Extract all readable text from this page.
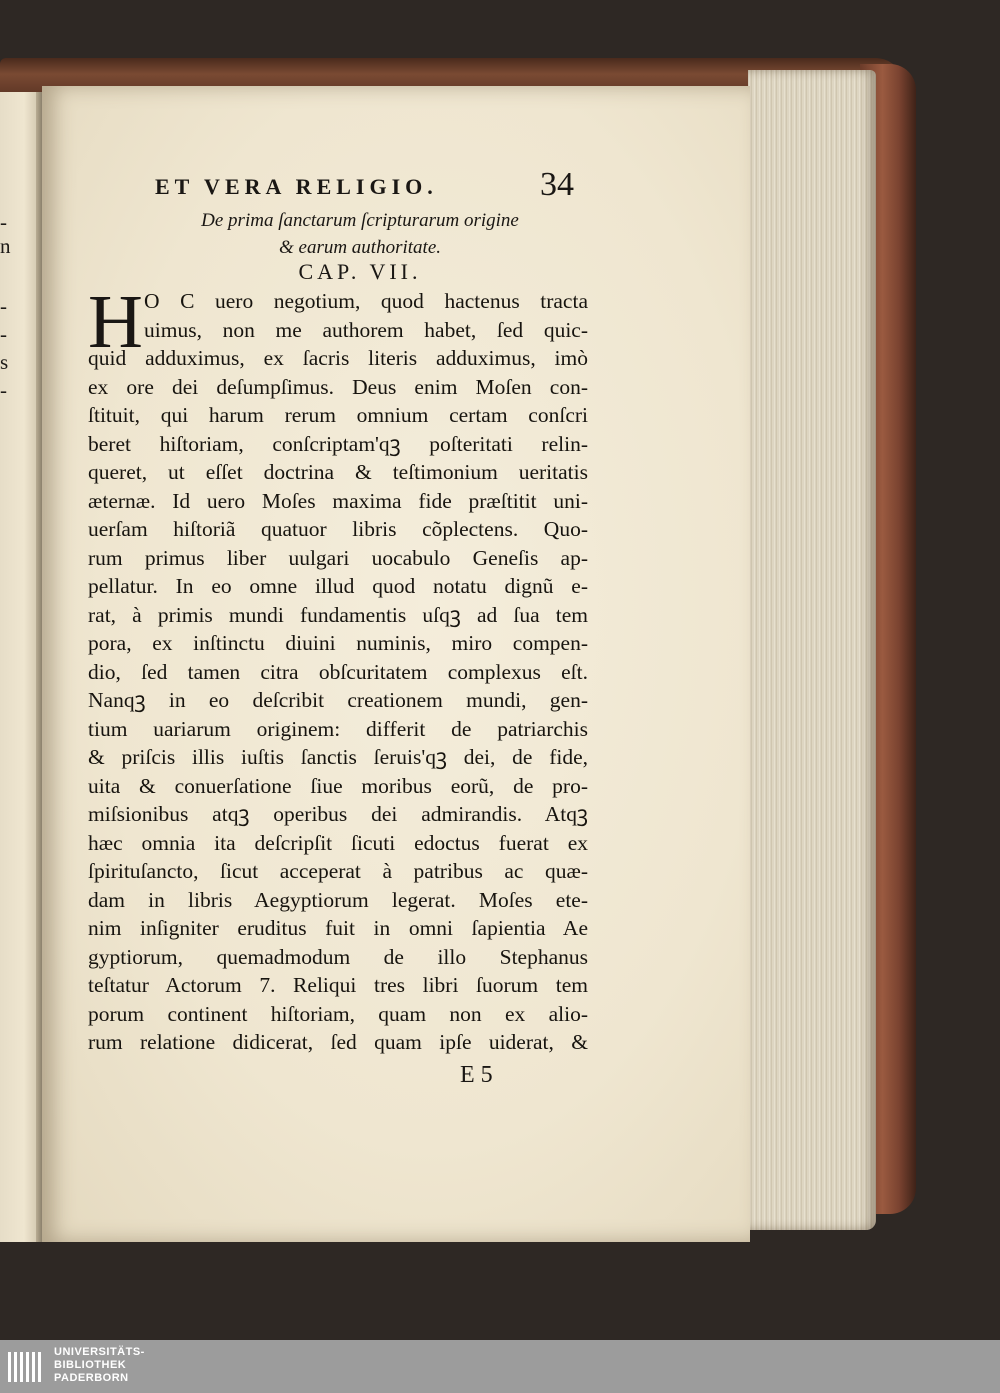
-
n
-
-
s
-
ET VERA RELIGIO.	34
De prima ſanctarum ſcripturarum origine
& earum authoritate.
CAP. VII.
H O C uero negotium, quod hactenus tracta
uimus, non me authorem habet, ſed quic-
quid adduximus, ex ſacris literis adduximus, imò
ex ore dei deſumpſimus. Deus enim Moſen con-
ſtituit, qui harum rerum omnium certam conſcri
beret hiſtoriam, conſcriptam'qꝫ poſteritati relin-
queret, ut eſſet doctrina & teſtimonium ueritatis
æternæ. Id uero Moſes maxima fide præſtitit uni-
uerſam hiſtoriã quatuor libris cõplectens. Quo-
rum primus liber uulgari uocabulo Geneſis ap-
pellatur. In eo omne illud quod notatu dignũ e-
rat, à primis mundi fundamentis uſqꝫ ad ſua tem
pora, ex inſtinctu diuini numinis, miro compen-
dio, ſed tamen citra obſcuritatem complexus eſt.
Nanqꝫ in eo deſcribit creationem mundi, gen-
tium uariarum originem: differit de patriarchis
& priſcis illis iuſtis ſanctis ſeruis'qꝫ dei, de fide,
uita & conuerſatione ſiue moribus eorũ, de pro-
miſsionibus atqꝫ operibus dei admirandis. Atqꝫ
hæc omnia ita deſcripſit ſicuti edoctus fuerat ex
ſpirituſancto, ſicut acceperat à patribus ac quæ-
dam in libris Aegyptiorum legerat. Moſes ete-
nim inſigniter eruditus fuit in omni ſapientia Ae
gyptiorum, quemadmodum de illo Stephanus
teſtatur Actorum 7. Reliqui tres libri ſuorum tem
porum continent hiſtoriam, quam non ex alio-
rum relatione didicerat, ſed quam ipſe uiderat, &
E 5
UNIVERSITÄTS-
BIBLIOTHEK
PADERBORN
